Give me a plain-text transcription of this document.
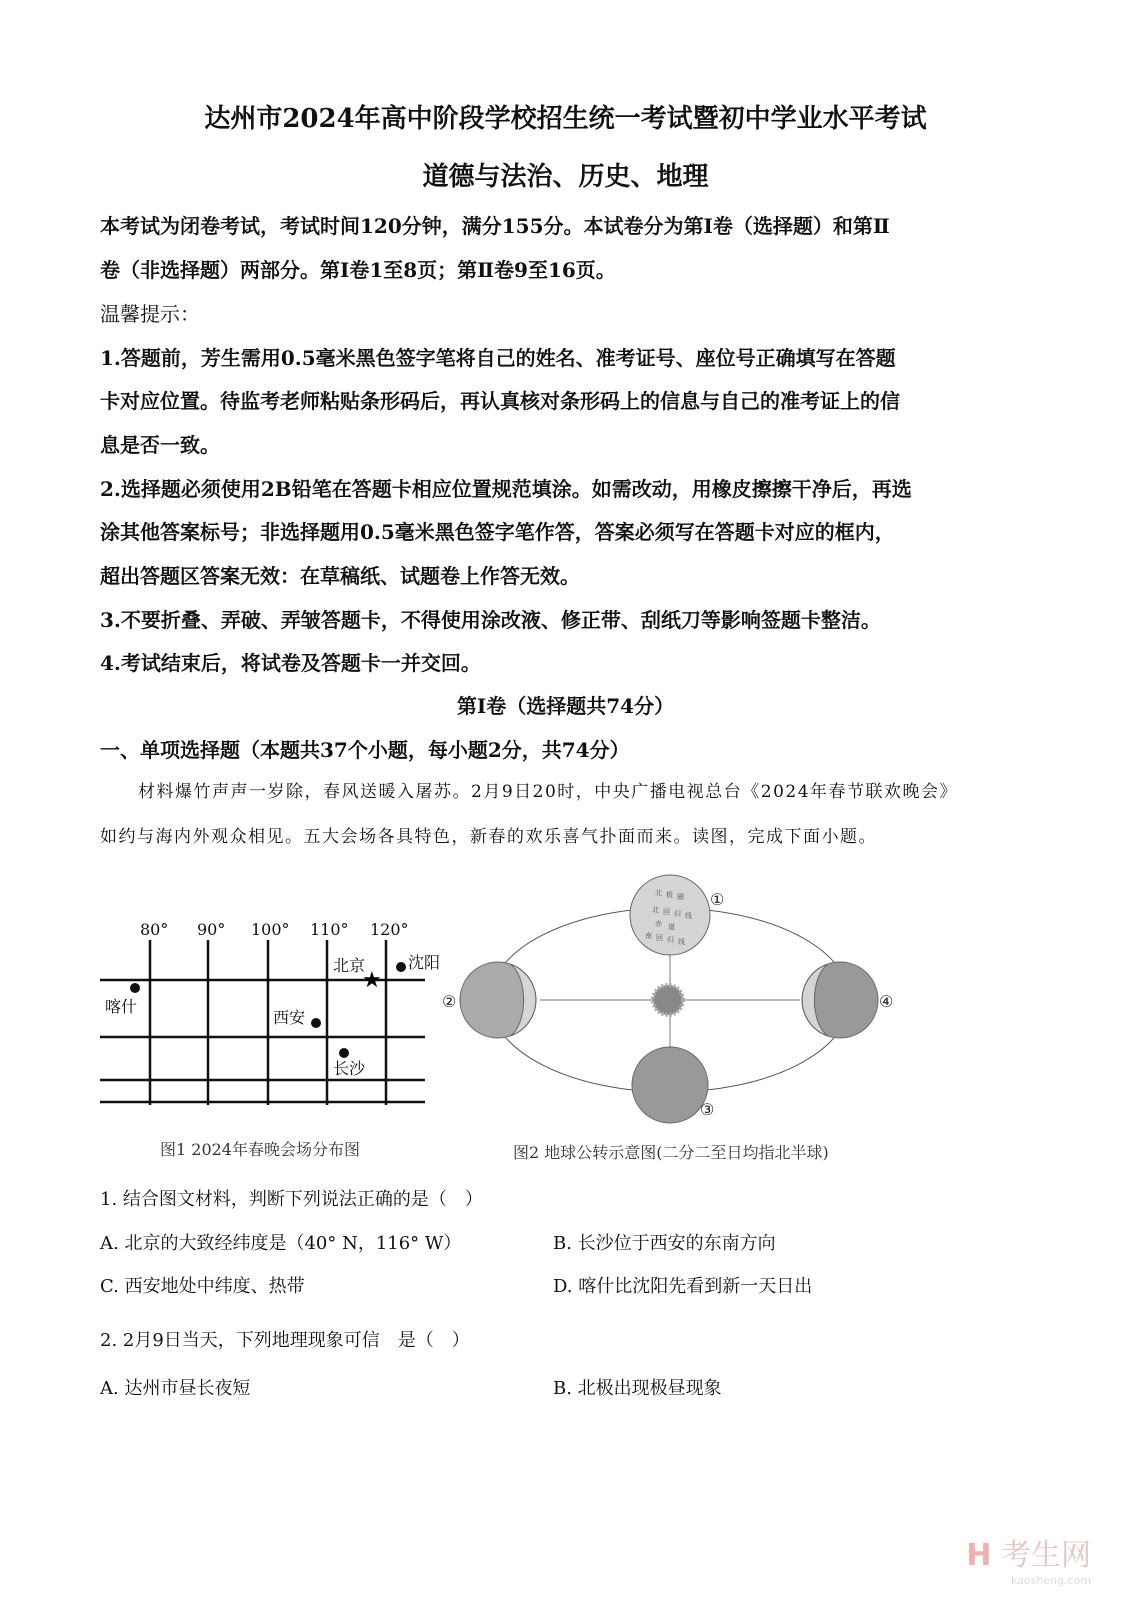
达州市2024年高中阶段学校招生统一考试暨初中学业水平考试
道德与法治、历史、地理
本考试为闭卷考试，考试时间120分钟，满分155分。本试卷分为第Ⅰ卷（选择题）和第Ⅱ
卷（非选择题）两部分。第Ⅰ卷1至8页；第Ⅱ卷9至16页。
温馨提示：
1.答题前，芳生需用0.5毫米黑色签字笔将自己的姓名、准考证号、座位号正确填写在答题
卡对应位置。待监考老师粘贴条形码后，再认真核对条形码上的信息与自己的准考证上的信
息是否一致。
2.选择题必须使用2B铅笔在答题卡相应位置规范填涂。如需改动，用橡皮擦擦干净后，再选
涂其他答案标号；非选择题用0.5毫米黑色签字笔作答，答案必须写在答题卡对应的框内，
超出答题区答案无效：在草稿纸、试题卷上作答无效。
3.不要折叠、弄破、弄皱答题卡，不得使用涂改液、修正带、刮纸刀等影响签题卡整洁。
4.考试结束后，将试卷及答题卡一并交回。
第Ⅰ卷（选择题共74分）
一、单项选择题（本题共37个小题，每小题2分，共74分）
材料爆竹声声一岁除，春风送暖入屠苏。2月9日20时，中央广播电视总台《2024年春节联欢晚会》
如约与海内外观众相见。五大会场各具特色，新春的欢乐喜气扑面而来。读图，完成下面小题。
80° 90° 100° 110° 120°
喀什
北京	沈阳
西安
长沙
★
图1 2024年春晚会场分布图
北 极 圈
北 回 归 线
赤 道
南 回 归 线
①
②
③
④
图2 地球公转示意图(二分二至日均指北半球)
1. 结合图文材料，判断下列说法正确的是（　）
A. 北京的大致经纬度是（40° N，116° W）	B. 长沙位于西安的东南方向
C. 西安地处中纬度、热带	D. 喀什比沈阳先看到新一天日出
2. 2月9日当天，下列地理现象可信　是（　）
A. 达州市昼长夜短	B. 北极出现极昼现象
H 考生网
kaosheng.com
